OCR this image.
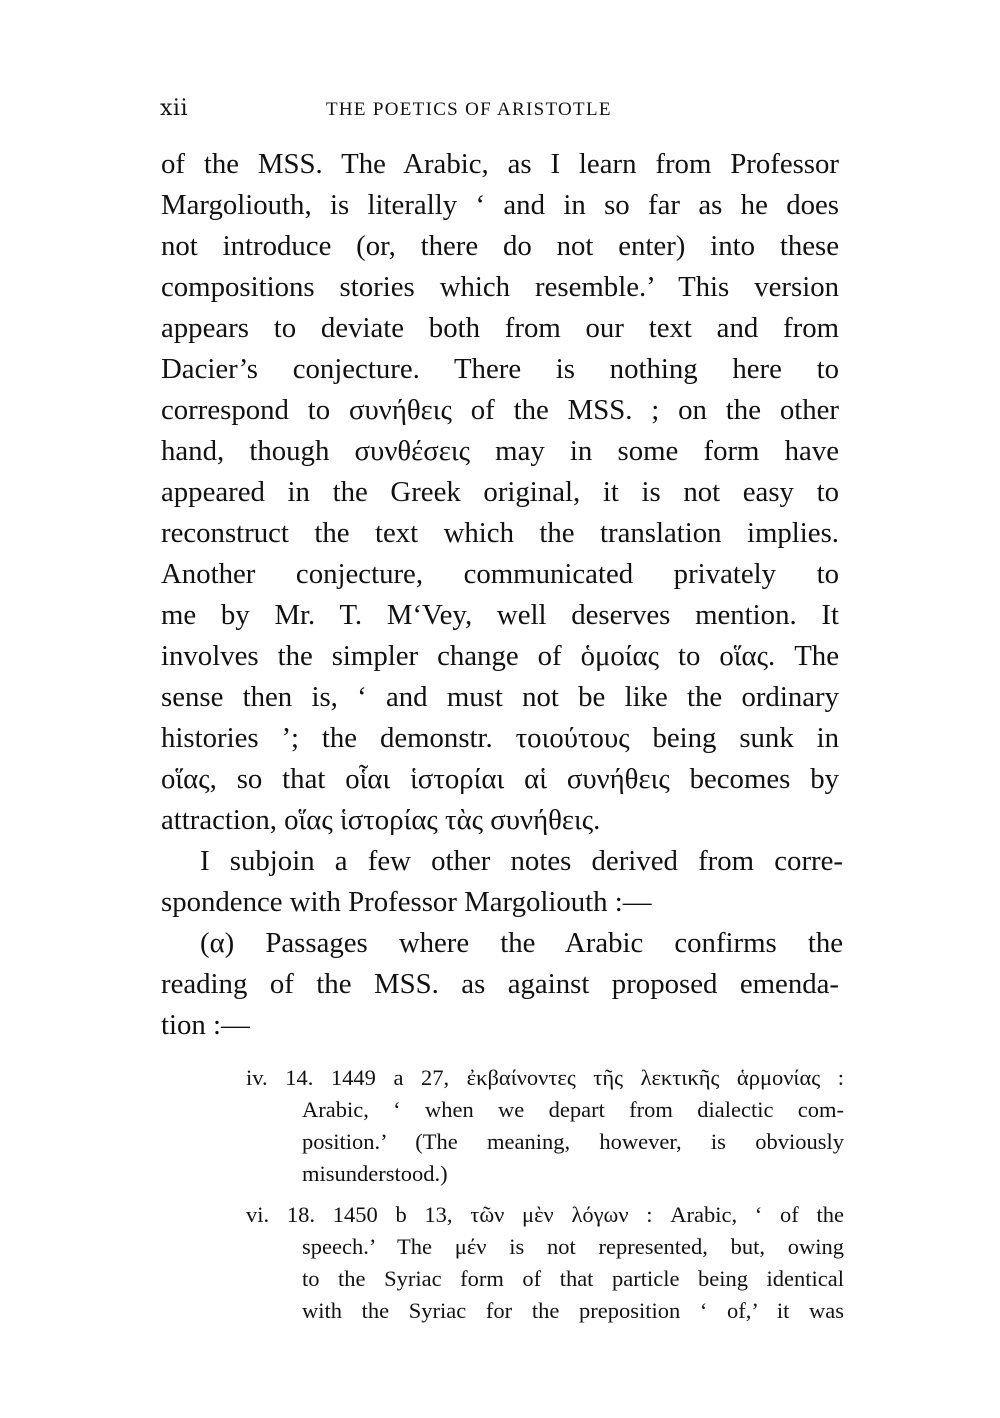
xii	THE POETICS OF ARISTOTLE
of the MSS. The Arabic, as I learn from Professor
Margoliouth, is literally ‘ and in so far as he does
not introduce (or, there do not enter) into these
compositions stories which resemble.’ This version
appears to deviate both from our text and from
Dacier’s conjecture. There is nothing here to
correspond to συνήθεις of the MSS. ; on the other
hand, though συνθέσεις may in some form have
appeared in the Greek original, it is not easy to
reconstruct the text which the translation implies.
Another conjecture, communicated privately to
me by Mr. T. M‘Vey, well deserves mention. It
involves the simpler change of ὁμοίας to οἵας. The
sense then is, ‘ and must not be like the ordinary
histories ’; the demonstr. τοιούτους being sunk in
οἵας, so that οἷαι ἱστορίαι αἱ συνήθεις becomes by
attraction, οἵας ἱστορίας τὰς συνήθεις.
I subjoin a few other notes derived from corre-
spondence with Professor Margoliouth :—
(α) Passages where the Arabic confirms the
reading of the MSS. as against proposed emenda-
tion :—
iv. 14. 1449 a 27, ἐκβαίνοντες τῆς λεκτικῆς ἁρμονίας :
Arabic, ‘ when we depart from dialectic com-
position.’ (The meaning, however, is obviously
misunderstood.)
vi. 18. 1450 b 13, τῶν μὲν λόγων : Arabic, ‘ of the
speech.’ The μέν is not represented, but, owing
to the Syriac form of that particle being identical
with the Syriac for the preposition ‘ of,’ it was
